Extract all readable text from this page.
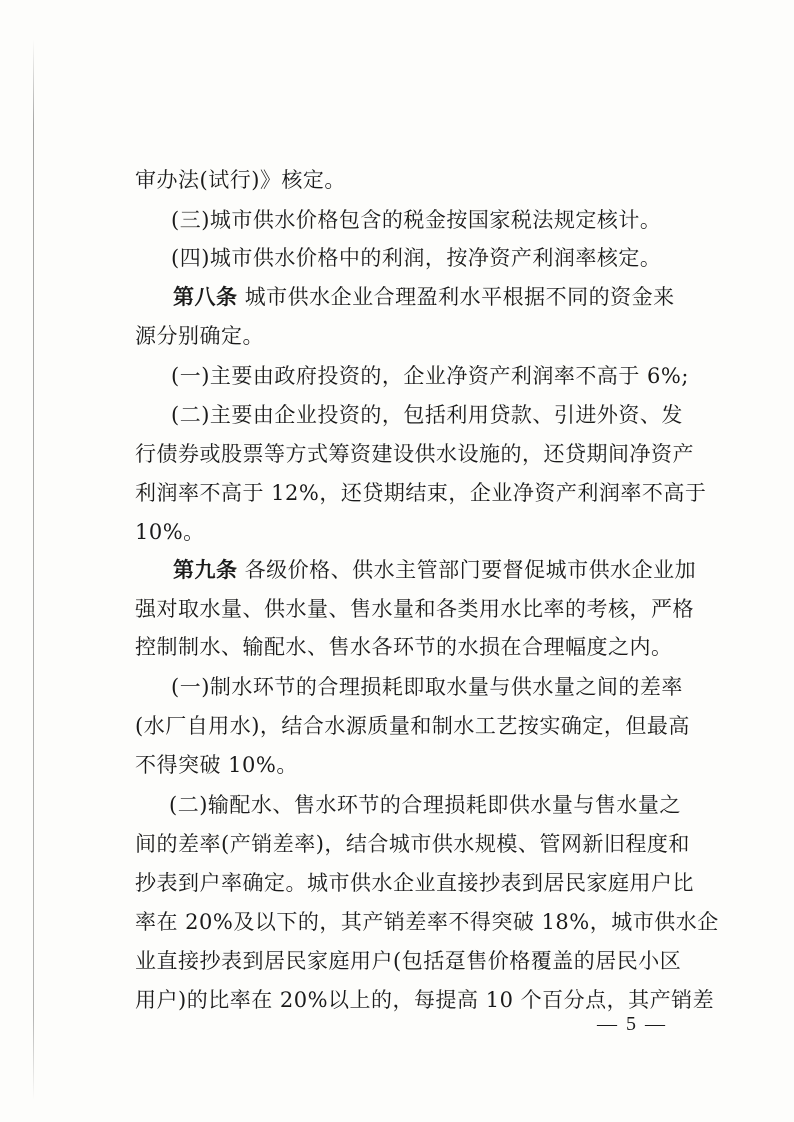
审办法(试行)》核定。
(三)城市供水价格包含的税金按国家税法规定核计。
(四)城市供水价格中的利润，按净资产利润率核定。
第八条 城市供水企业合理盈利水平根据不同的资金来
源分别确定。
(一)主要由政府投资的，企业净资产利润率不高于 6%;
(二)主要由企业投资的，包括利用贷款、引进外资、发
行债券或股票等方式筹资建设供水设施的，还贷期间净资产
利润率不高于 12%，还贷期结束，企业净资产利润率不高于
10%。
第九条 各级价格、供水主管部门要督促城市供水企业加
强对取水量、供水量、售水量和各类用水比率的考核，严格
控制制水、输配水、售水各环节的水损在合理幅度之内。
(一)制水环节的合理损耗即取水量与供水量之间的差率
(水厂自用水)，结合水源质量和制水工艺按实确定，但最高
不得突破 10%。
(二)输配水、售水环节的合理损耗即供水量与售水量之
间的差率(产销差率)，结合城市供水规模、管网新旧程度和
抄表到户率确定。城市供水企业直接抄表到居民家庭用户比
率在 20%及以下的，其产销差率不得突破 18%，城市供水企
业直接抄表到居民家庭用户(包括趸售价格覆盖的居民小区
用户)的比率在 20%以上的，每提高 10 个百分点，其产销差
— 5 —
